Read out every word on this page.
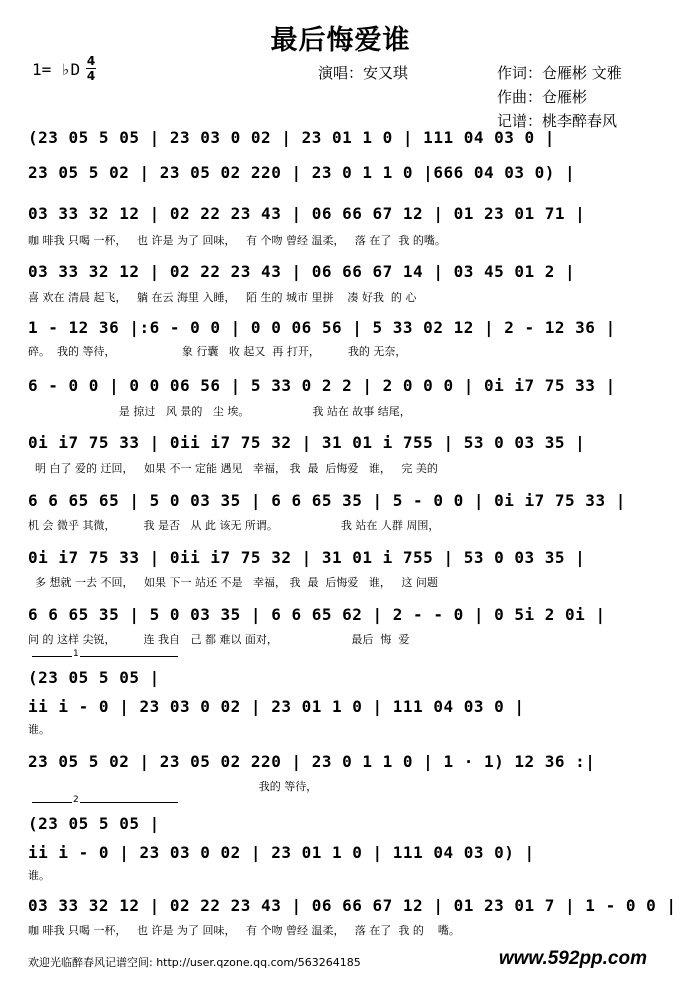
最后悔爱谁
1= ♭D 4
4	演唱：安又琪	作词：仓雁彬 文雅
作曲：仓雁彬
记谱：桃李醉春风
(23 05 5 05 | 23 03 0 02 | 23 01 1 0 | 111 04 03 0 |
23 05 5 02 | 23 05 02 220 | 23 0 1 1 0 |666 04 03 0) |
03 33 32 12 | 02 22 23 43 | 06 66 67 12 | 01 23 01 71 |
咖 啡我 只喝 一杯，   也 许是 为了 回味，   有 个吻 曾经 温柔，   落 在了  我 的嘴。
03 33 32 12 | 02 22 23 43 | 06 66 67 14 | 03 45 01 2 |
喜 欢在 清晨 起飞，   躺 在云 海里 入睡，   陌 生的 城市 里拼    凑 好我  的 心
1 - 12 36 |:6 - 0 0 | 0 0 06 56 | 5 33 02 12 | 2 - 12 36 |
碎。  我的 等待，                   象 行囊   收 起又  再 打开，        我的 无奈，
6 - 0 0 | 0 0 06 56 | 5 33 0 2 2 | 2 0 0 0 | 0i i7 75 33 |
是 掠过   风 景的   尘 埃。                  我 站在 故事 结尾，
0i i7 75 33 | 0ii i7 75 32 | 31 01 i 755 | 53 0 03 35 |
明 白了 爱的 迂回，   如果 不一 定能 遇见   幸福， 我  最  后悔爱   谁，   完 美的
6 6 65 65 | 5 0 03 35 | 6 6 65 35 | 5 - 0 0 | 0i i7 75 33 |
机 会 微乎 其微，        我 是否   从 此 该无 所谓。                  我 站在 人群 周围，
0i i7 75 33 | 0ii i7 75 32 | 31 01 i 755 | 53 0 03 35 |
多 想就 一去 不回，   如果 下一 站还 不是   幸福， 我  最  后悔爱   谁，   这 问题
6 6 65 35 | 5 0 03 35 | 6 6 65 62 | 2 - - 0 | 0 5i 2 0i |
问 的 这样 尖锐，        连 我自   己 都 难以 面对，                     最后  悔  爱
1
(23 05 5 05 |
ii i - 0 | 23 03 0 02 | 23 01 1 0 | 111 04 03 0 |
谁。
23 05 5 02 | 23 05 02 220 | 23 0 1 1 0 | 1 · 1) 12 36 :|
我的 等待，
2
(23 05 5 05 |
ii i - 0 | 23 03 0 02 | 23 01 1 0 | 111 04 03 0) |
谁。
03 33 32 12 | 02 22 23 43 | 06 66 67 12 | 01 23 01 7 | 1 - 0 0 |
咖 啡我 只喝 一杯，   也 许是 为了 回味，   有 个吻 曾经 温柔，   落 在了  我 的    嘴。
欢迎光临醉春风记谱空间: http://user.qzone.qq.com/563264185	www.592pp.com
